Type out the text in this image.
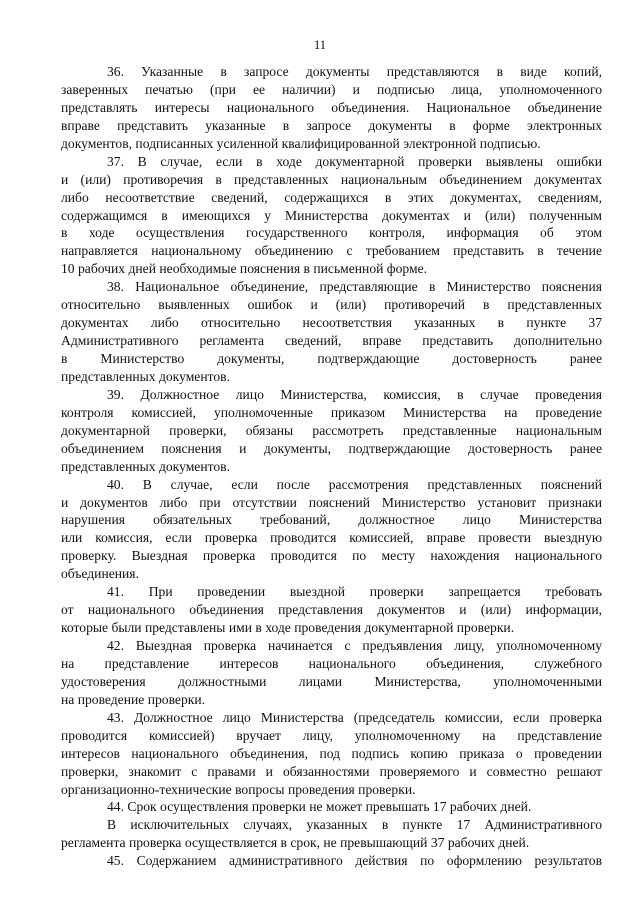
11
36. Указанные в запросе документы представляются в виде копий,
заверенных печатью (при ее наличии) и подписью лица, уполномоченного
представлять интересы национального объединения. Национальное объединение
вправе представить указанные в запросе документы в форме электронных
документов, подписанных усиленной квалифицированной электронной подписью.
37. В случае, если в ходе документарной проверки выявлены ошибки
и (или) противоречия в представленных национальным объединением документах
либо несоответствие сведений, содержащихся в этих документах, сведениям,
содержащимся в имеющихся у Министерства документах и (или) полученным
в ходе осуществления государственного контроля, информация об этом
направляется национальному объединению с требованием представить в течение
10 рабочих дней необходимые пояснения в письменной форме.
38. Национальное объединение, представляющие в Министерство пояснения
относительно выявленных ошибок и (или) противоречий в представленных
документах либо относительно несоответствия указанных в пункте 37
Административного регламента сведений, вправе представить дополнительно
в Министерство документы, подтверждающие достоверность ранее
представленных документов.
39. Должностное лицо Министерства, комиссия, в случае проведения
контроля комиссией, уполномоченные приказом Министерства на проведение
документарной проверки, обязаны рассмотреть представленные национальным
объединением пояснения и документы, подтверждающие достоверность ранее
представленных документов.
40. В случае, если после рассмотрения представленных пояснений
и документов либо при отсутствии пояснений Министерство установит признаки
нарушения обязательных требований, должностное лицо Министерства
или комиссия, если проверка проводится комиссией, вправе провести выездную
проверку. Выездная проверка проводится по месту нахождения национального
объединения.
41. При проведении выездной проверки запрещается требовать
от национального объединения представления документов и (или) информации,
которые были представлены ими в ходе проведения документарной проверки.
42. Выездная проверка начинается с предъявления лицу, уполномоченному
на представление интересов национального объединения, служебного
удостоверения должностными лицами Министерства, уполномоченными
на проведение проверки.
43. Должностное лицо Министерства (председатель комиссии, если проверка
проводится комиссией) вручает лицу, уполномоченному на представление
интересов национального объединения, под подпись копию приказа о проведении
проверки, знакомит с правами и обязанностями проверяемого и совместно решают
организационно-технические вопросы проведения проверки.
44. Срок осуществления проверки не может превышать 17 рабочих дней.
В исключительных случаях, указанных в пункте 17 Административного
регламента проверка осуществляется в срок, не превышающий 37 рабочих дней.
45. Содержанием административного действия по оформлению результатов
